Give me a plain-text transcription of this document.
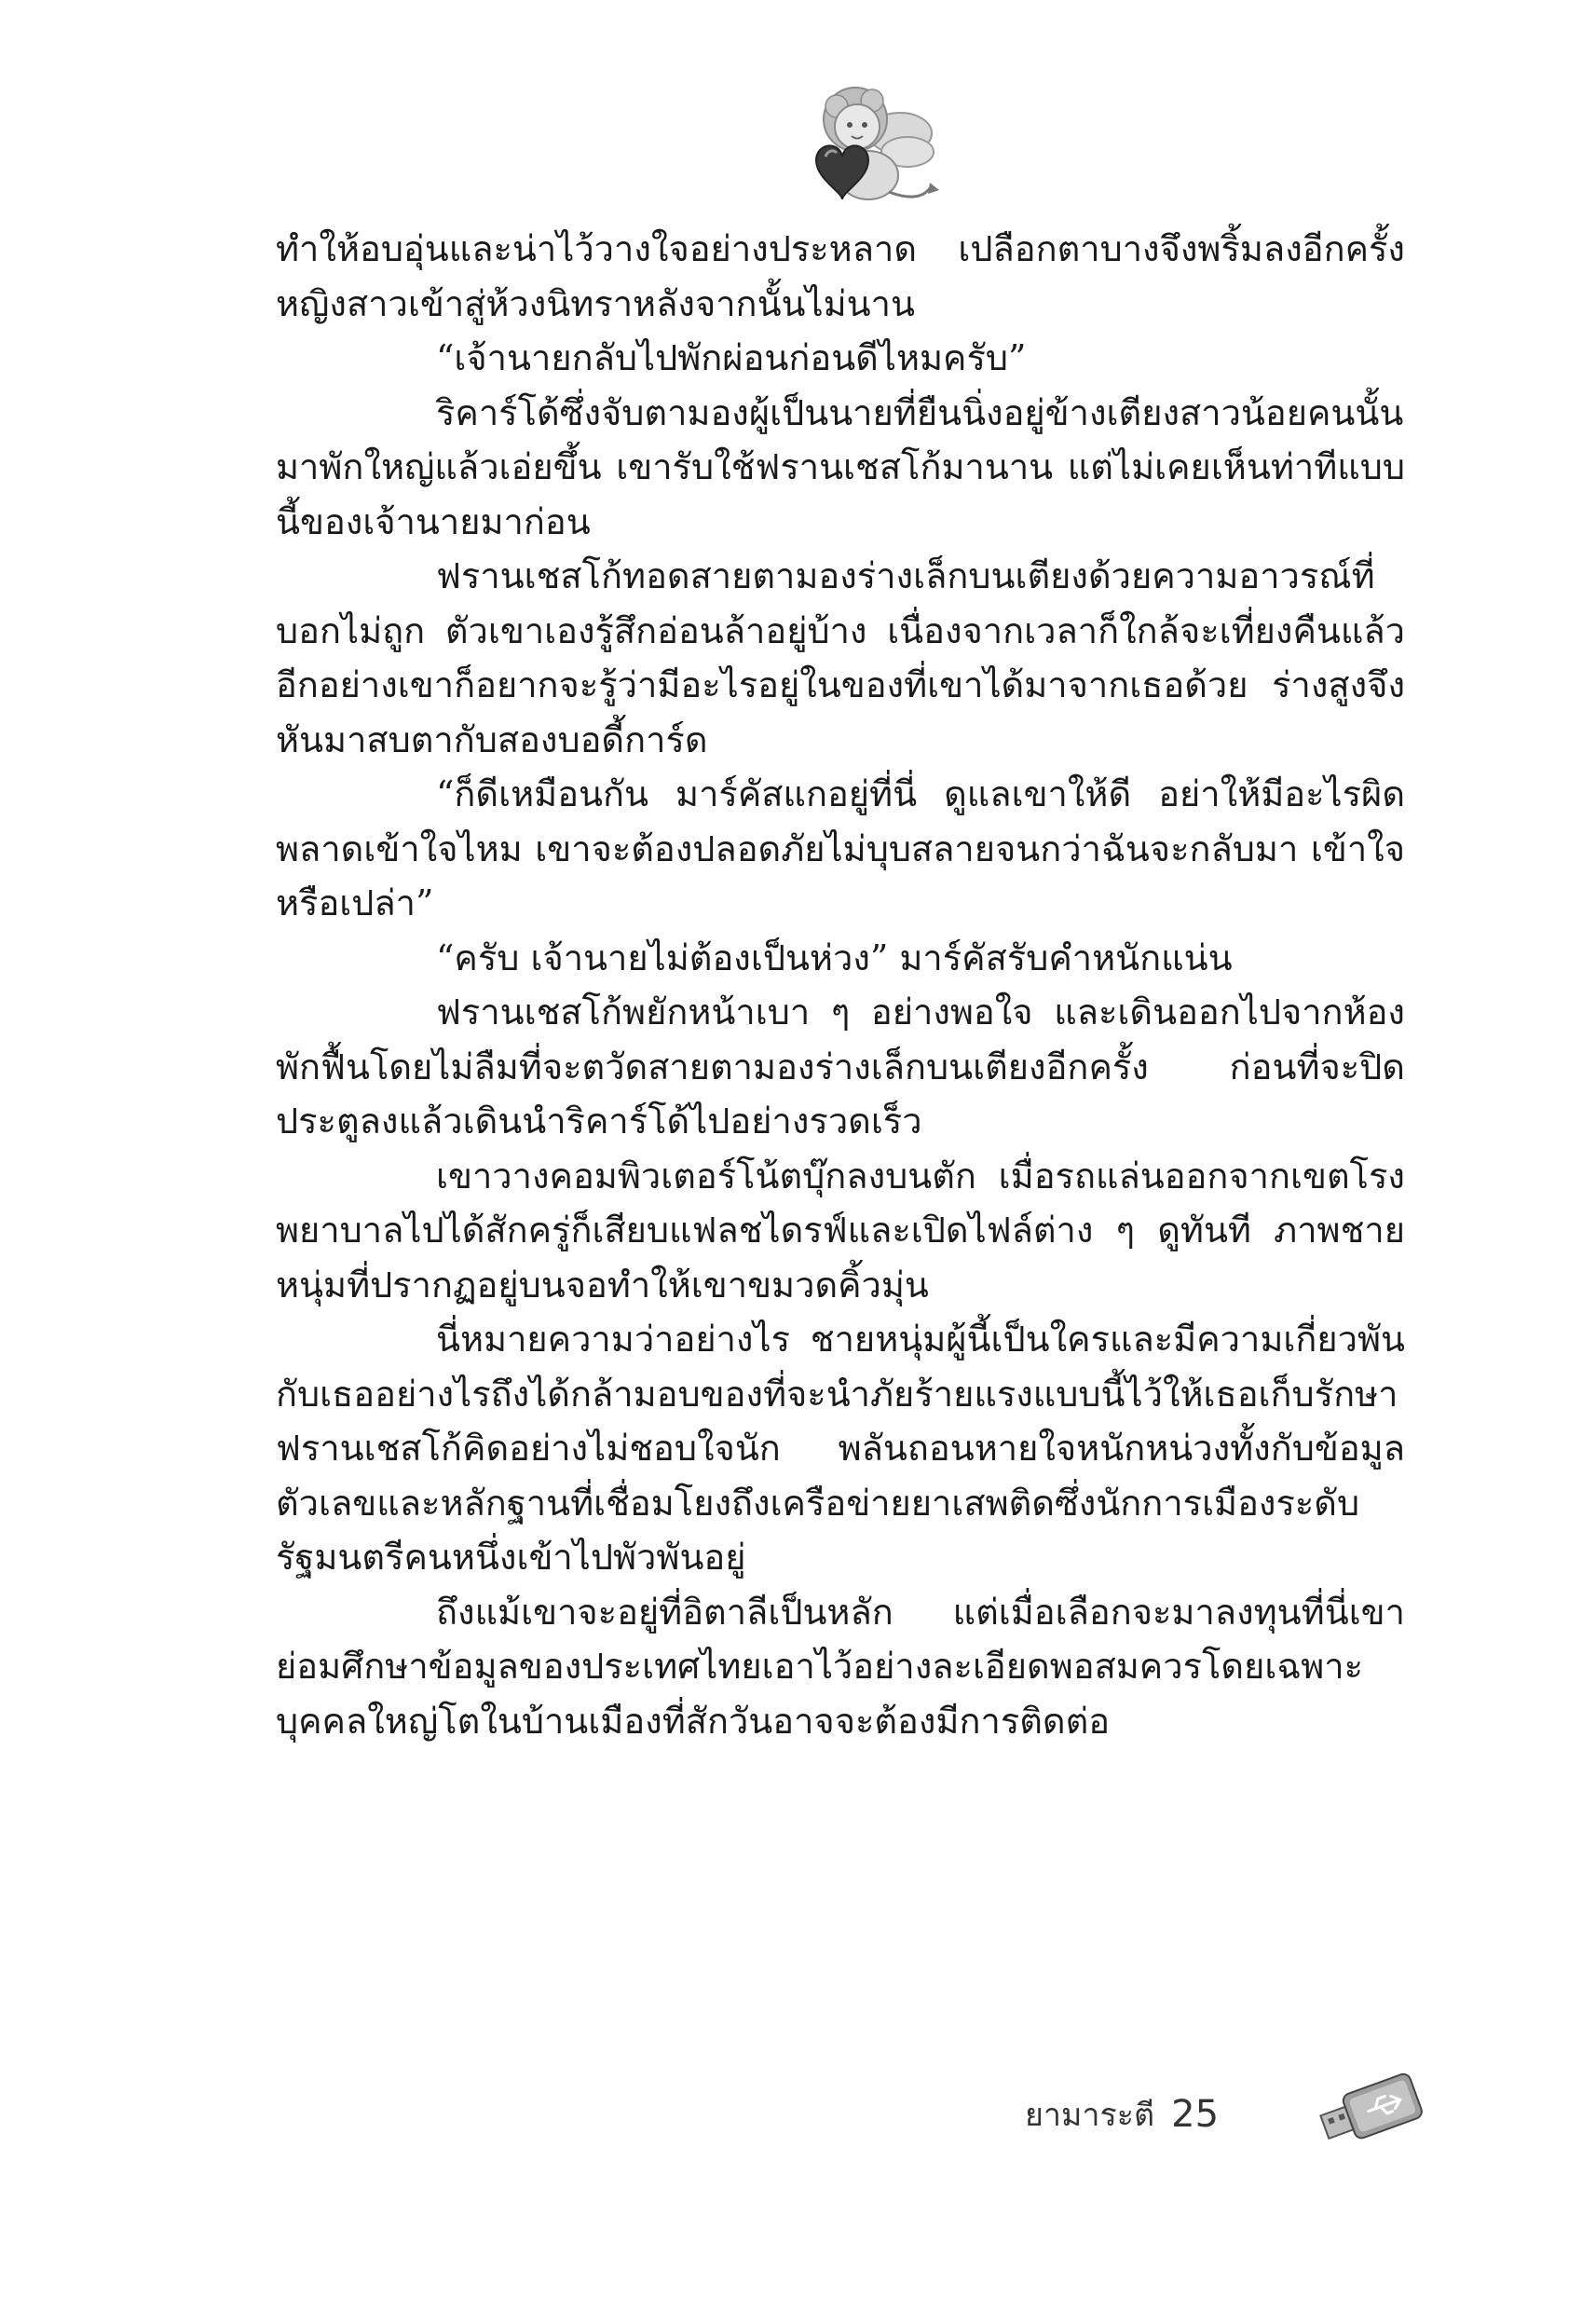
ทำให้อบอุ่นและน่าไว้วางใจอย่างประหลาด เปลือกตาบางจึงพริ้มลงอีกครั้ง หญิงสาวเข้าสู่ห้วงนิทราหลังจากนั้นไม่นาน

“เจ้านายกลับไปพักผ่อนก่อนดีไหมครับ”

ริคาร์โด้ซึ่งจับตามองผู้เป็นนายที่ยืนนิ่งอยู่ข้างเตียงสาวน้อยคนนั้นมาพักใหญ่แล้วเอ่ยขึ้น เขารับใช้ฟรานเชสโก้มานาน แต่ไม่เคยเห็นท่าทีแบบนี้ของเจ้านายมาก่อน

ฟรานเชสโก้ทอดสายตามองร่างเล็กบนเตียงด้วยความอาวรณ์ที่บอกไม่ถูก ตัวเขาเองรู้สึกอ่อนล้าอยู่บ้าง เนื่องจากเวลาก็ใกล้จะเที่ยงคืนแล้ว อีกอย่างเขาก็อยากจะรู้ว่ามีอะไรอยู่ในของที่เขาได้มาจากเธอด้วย ร่างสูงจึงหันมาสบตากับสองบอดี้การ์ด

“ก็ดีเหมือนกัน มาร์คัสแกอยู่ที่นี่ ดูแลเขาให้ดี อย่าให้มีอะไรผิดพลาดเข้าใจไหม เขาจะต้องปลอดภัยไม่บุบสลายจนกว่าฉันจะกลับมา เข้าใจหรือเปล่า”

“ครับ เจ้านายไม่ต้องเป็นห่วง” มาร์คัสรับคำหนักแน่น

ฟรานเชสโก้พยักหน้าเบา ๆ อย่างพอใจ และเดินออกไปจากห้องพักฟื้นโดยไม่ลืมที่จะตวัดสายตามองร่างเล็กบนเตียงอีกครั้ง ก่อนที่จะปิดประตูลงแล้วเดินนำริคาร์โด้ไปอย่างรวดเร็ว

เขาวางคอมพิวเตอร์โน้ตบุ๊กลงบนตัก เมื่อรถแล่นออกจากเขตโรงพยาบาลไปได้สักครู่ก็เสียบแฟลชไดรฟ์และเปิดไฟล์ต่าง ๆ ดูทันที ภาพชายหนุ่มที่ปรากฏอยู่บนจอทำให้เขาขมวดคิ้วมุ่น

นี่หมายความว่าอย่างไร ชายหนุ่มผู้นี้เป็นใครและมีความเกี่ยวพันกับเธออย่างไรถึงได้กล้ามอบของที่จะนำภัยร้ายแรงแบบนี้ไว้ให้เธอเก็บรักษา ฟรานเชสโก้คิดอย่างไม่ชอบใจนัก พลันถอนหายใจหนักหน่วงทั้งกับข้อมูลตัวเลขและหลักฐานที่เชื่อมโยงถึงเครือข่ายยาเสพติดซึ่งนักการเมืองระดับรัฐมนตรีคนหนึ่งเข้าไปพัวพันอยู่

ถึงแม้เขาจะอยู่ที่อิตาลีเป็นหลัก แต่เมื่อเลือกจะมาลงทุนที่นี่เขาย่อมศึกษาข้อมูลของประเทศไทยเอาไว้อย่างละเอียดพอสมควรโดยเฉพาะบุคคลใหญ่โตในบ้านเมืองที่สักวันอาจจะต้องมีการติดต่อ

ยามาระตี 25
